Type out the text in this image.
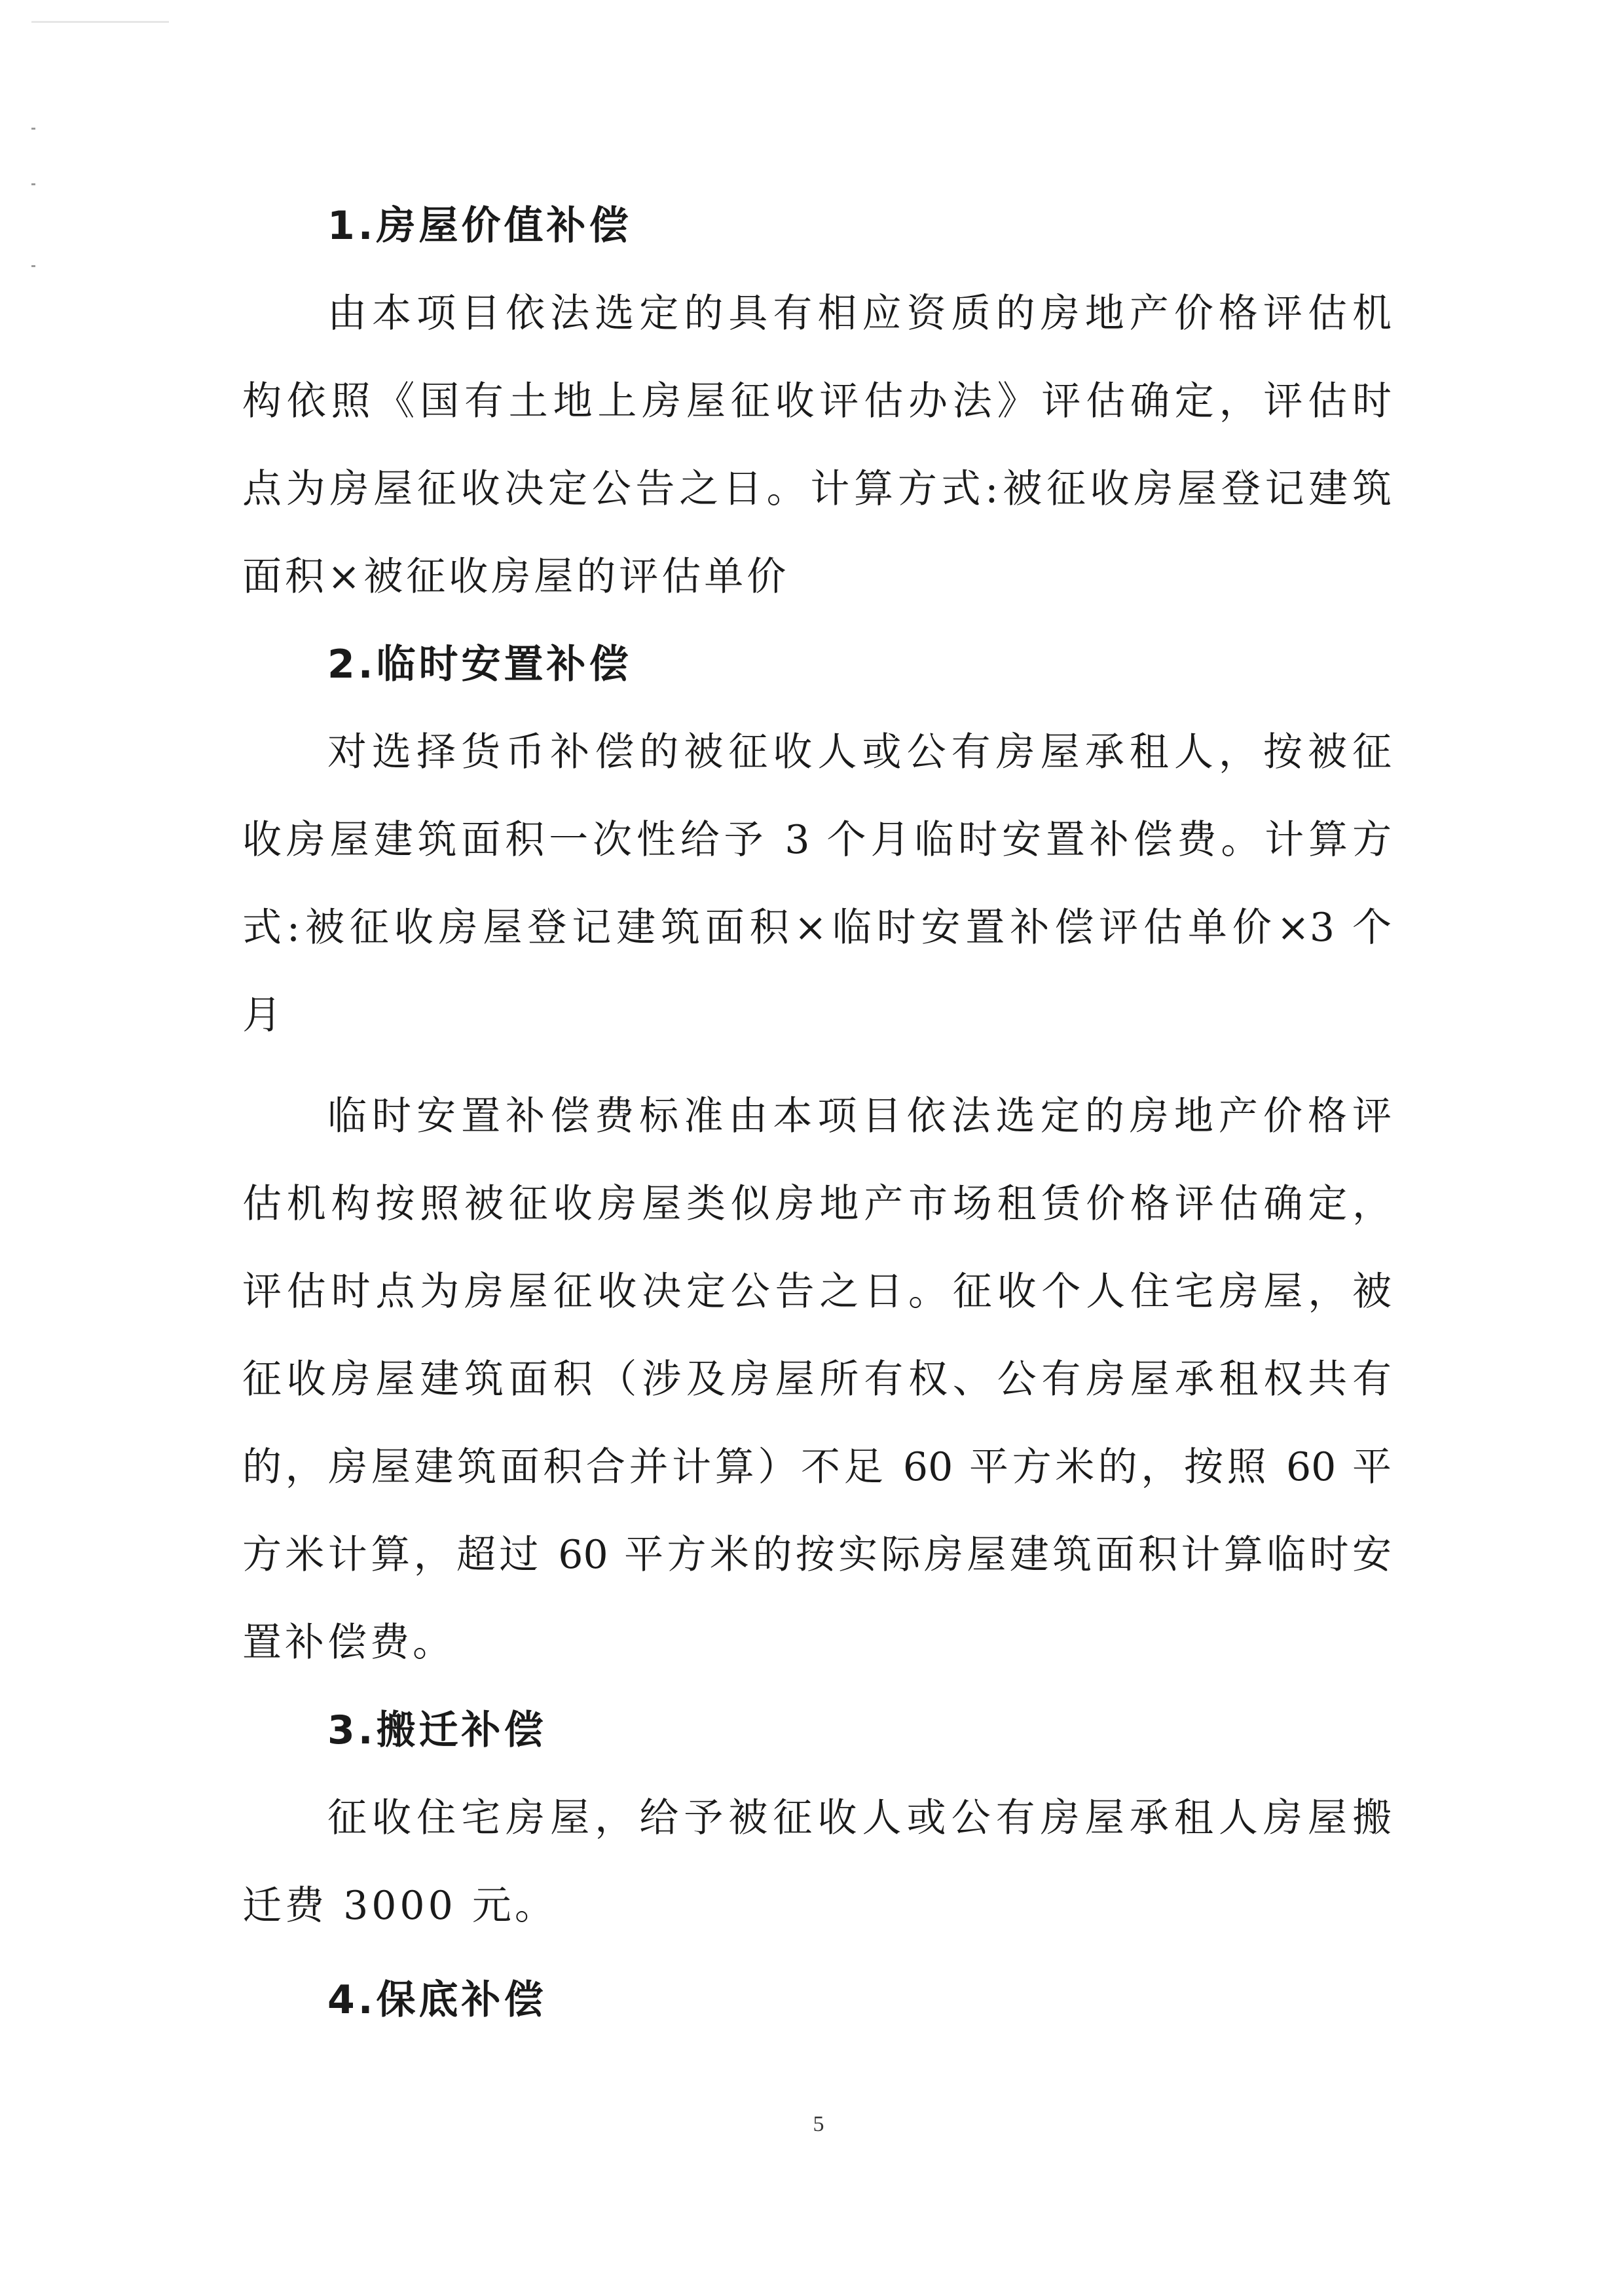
1.房屋价值补偿
由本项目依法选定的具有相应资质的房地产价格评估机
构依照《国有土地上房屋征收评估办法》评估确定，评估时
点为房屋征收决定公告之日。计算方式:被征收房屋登记建筑
面积×被征收房屋的评估单价
2.临时安置补偿
对选择货币补偿的被征收人或公有房屋承租人，按被征
收房屋建筑面积一次性给予 3 个月临时安置补偿费。计算方
式:被征收房屋登记建筑面积×临时安置补偿评估单价×3 个
月
临时安置补偿费标准由本项目依法选定的房地产价格评
估机构按照被征收房屋类似房地产市场租赁价格评估确定，
评估时点为房屋征收决定公告之日。征收个人住宅房屋，被
征收房屋建筑面积（涉及房屋所有权、公有房屋承租权共有
的，房屋建筑面积合并计算）不足 60 平方米的，按照 60 平
方米计算，超过 60 平方米的按实际房屋建筑面积计算临时安
置补偿费。
3.搬迁补偿
征收住宅房屋，给予被征收人或公有房屋承租人房屋搬
迁费 3000 元。
4.保底补偿
5
